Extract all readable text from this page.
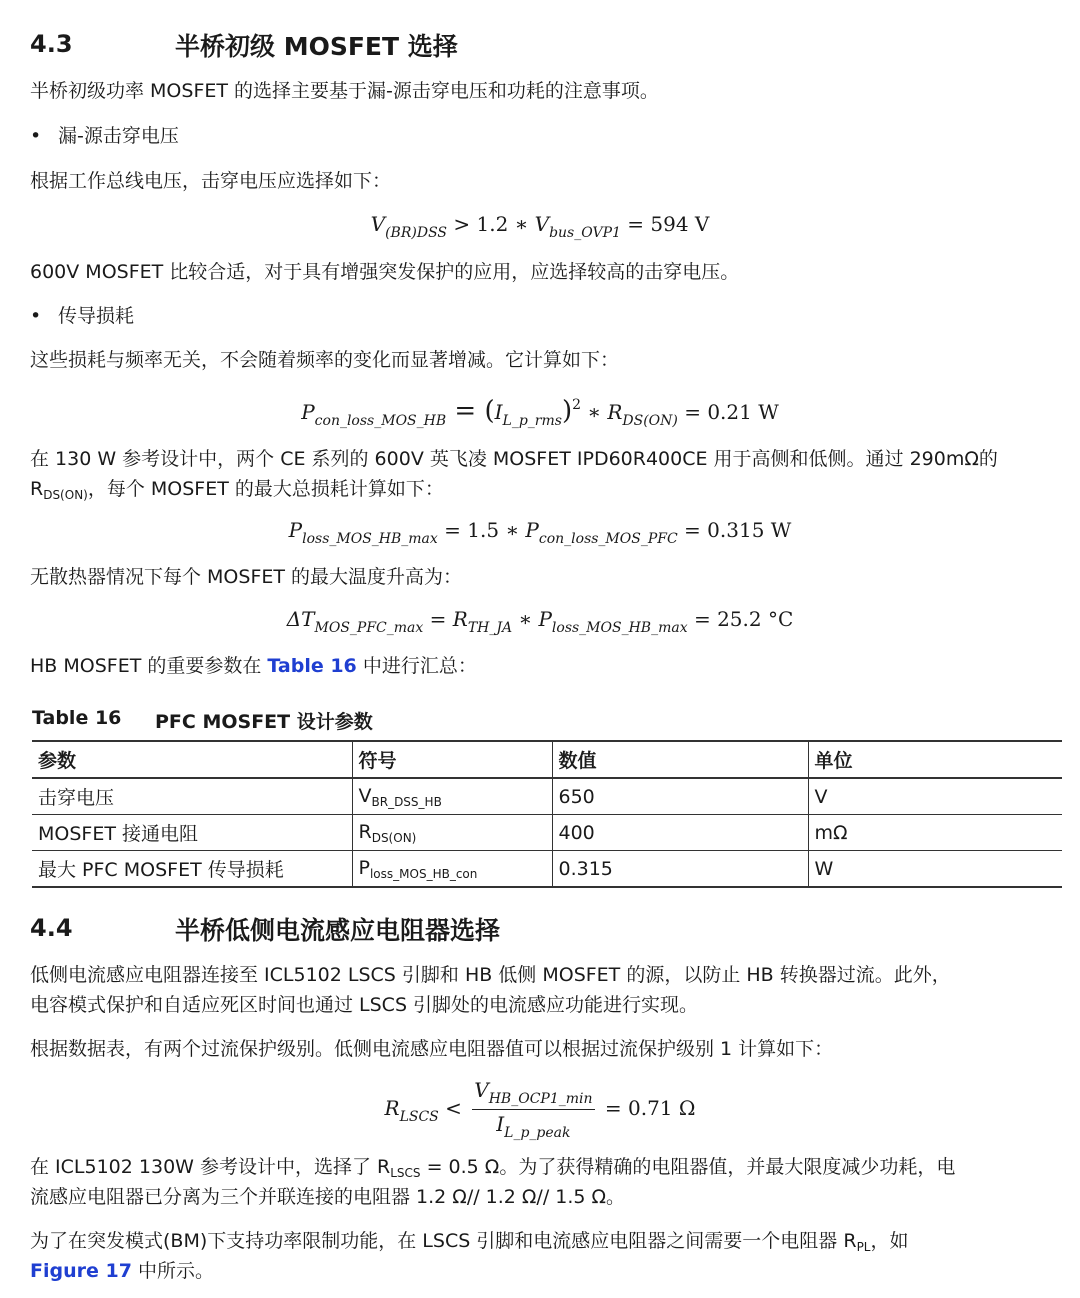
4.3	半桥初级 MOSFET 选择
半桥初级功率 MOSFET 的选择主要基于漏-源击穿电压和功耗的注意事项。
• 漏-源击穿电压
根据工作总线电压，击穿电压应选择如下：
$V_{(BR)DSS} > 1.2$ ∗ $V_{bus\_OVP1} = 594$ V
600V MOSFET 比较合适，对于具有增强突发保护的应用，应选择较高的击穿电压。
• 传导损耗
这些损耗与频率无关，不会随着频率的变化而显著增减。它计算如下：
$P_{con\_loss\_MOS\_HB} = (I_{L\_p\_rms})^2$ ∗ $R_{DS(ON)} = 0.21$ W
在 130 W 参考设计中，两个 CE 系列的 600V 英飞凌 MOSFET IPD60R400CE 用于高侧和低侧。通过 290mΩ的
$R_{DS(ON)}$，每个 MOSFET 的最大总损耗计算如下：
$P_{loss\_MOS\_HB\_max} = 1.5$ ∗ $P_{con\_loss\_MOS\_PFC} = 0.315$ W
无散热器情况下每个 MOSFET 的最大温度升高为：
$\Delta T_{MOS\_PFC\_max} = R_{TH\_JA}$ ∗ $P_{loss\_MOS\_HB\_max} = 25.2$ °C
HB MOSFET 的重要参数在 Table 16 中进行汇总：
Table 16 PFC MOSFET 设计参数
参数	符号	数值	单位
击穿电压	$V_{BR\_DSS\_HB}$	650	V
MOSFET 接通电阻	$R_{DS(ON)}$	400	mΩ
最大 PFC MOSFET 传导损耗	$P_{loss\_MOS\_HB\_con}$	0.315	W
4.4	半桥低侧电流感应电阻器选择
低侧电流感应电阻器连接至 ICL5102 LSCS 引脚和 HB 低侧 MOSFET 的源，以防止 HB 转换器过流。此外，
电容模式保护和自适应死区时间也通过 LSCS 引脚处的电流感应功能进行实现。
根据数据表，有两个过流保护级别。低侧电流感应电阻器值可以根据过流保护级别 1 计算如下：
$R_{LSCS} < \frac{V_{HB\_OCP1\_min}}{I_{L\_p\_peak}} = 0.71$ Ω
在 ICL5102 130W 参考设计中，选择了 $R_{LSCS} = 0.5$ Ω。为了获得精确的电阻器值，并最大限度减少功耗，电
流感应电阻器已分离为三个并联连接的电阻器 1.2 Ω// 1.2 Ω// 1.5 Ω。
为了在突发模式(BM)下支持功率限制功能，在 LSCS 引脚和电流感应电阻器之间需要一个电阻器 $R_{PL}$，如
Figure 17 中所示。
